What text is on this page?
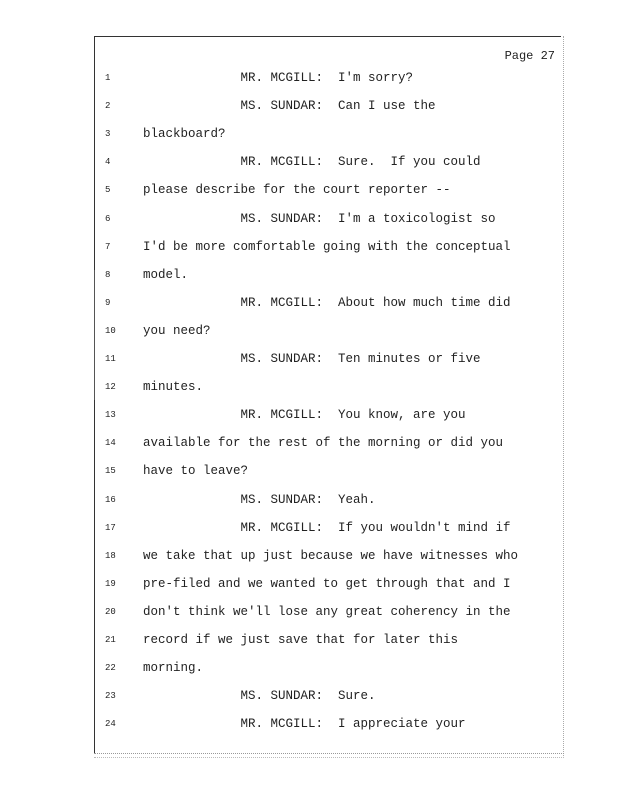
Page 27
1	MR. MCGILL:  I'm sorry?
2	MS. SUNDAR:  Can I use the
3	blackboard?
4	MR. MCGILL:  Sure.  If you could
5	please describe for the court reporter --
6	MS. SUNDAR:  I'm a toxicologist so
7	I'd be more comfortable going with the conceptual
8	model.
9	MR. MCGILL:  About how much time did
10	you need?
11	MS. SUNDAR:  Ten minutes or five
12	minutes.
13	MR. MCGILL:  You know, are you
14	available for the rest of the morning or did you
15	have to leave?
16	MS. SUNDAR:  Yeah.
17	MR. MCGILL:  If you wouldn't mind if
18	we take that up just because we have witnesses who
19	pre-filed and we wanted to get through that and I
20	don't think we'll lose any great coherency in the
21	record if we just save that for later this
22	morning.
23	MS. SUNDAR:  Sure.
24	MR. MCGILL:  I appreciate your
